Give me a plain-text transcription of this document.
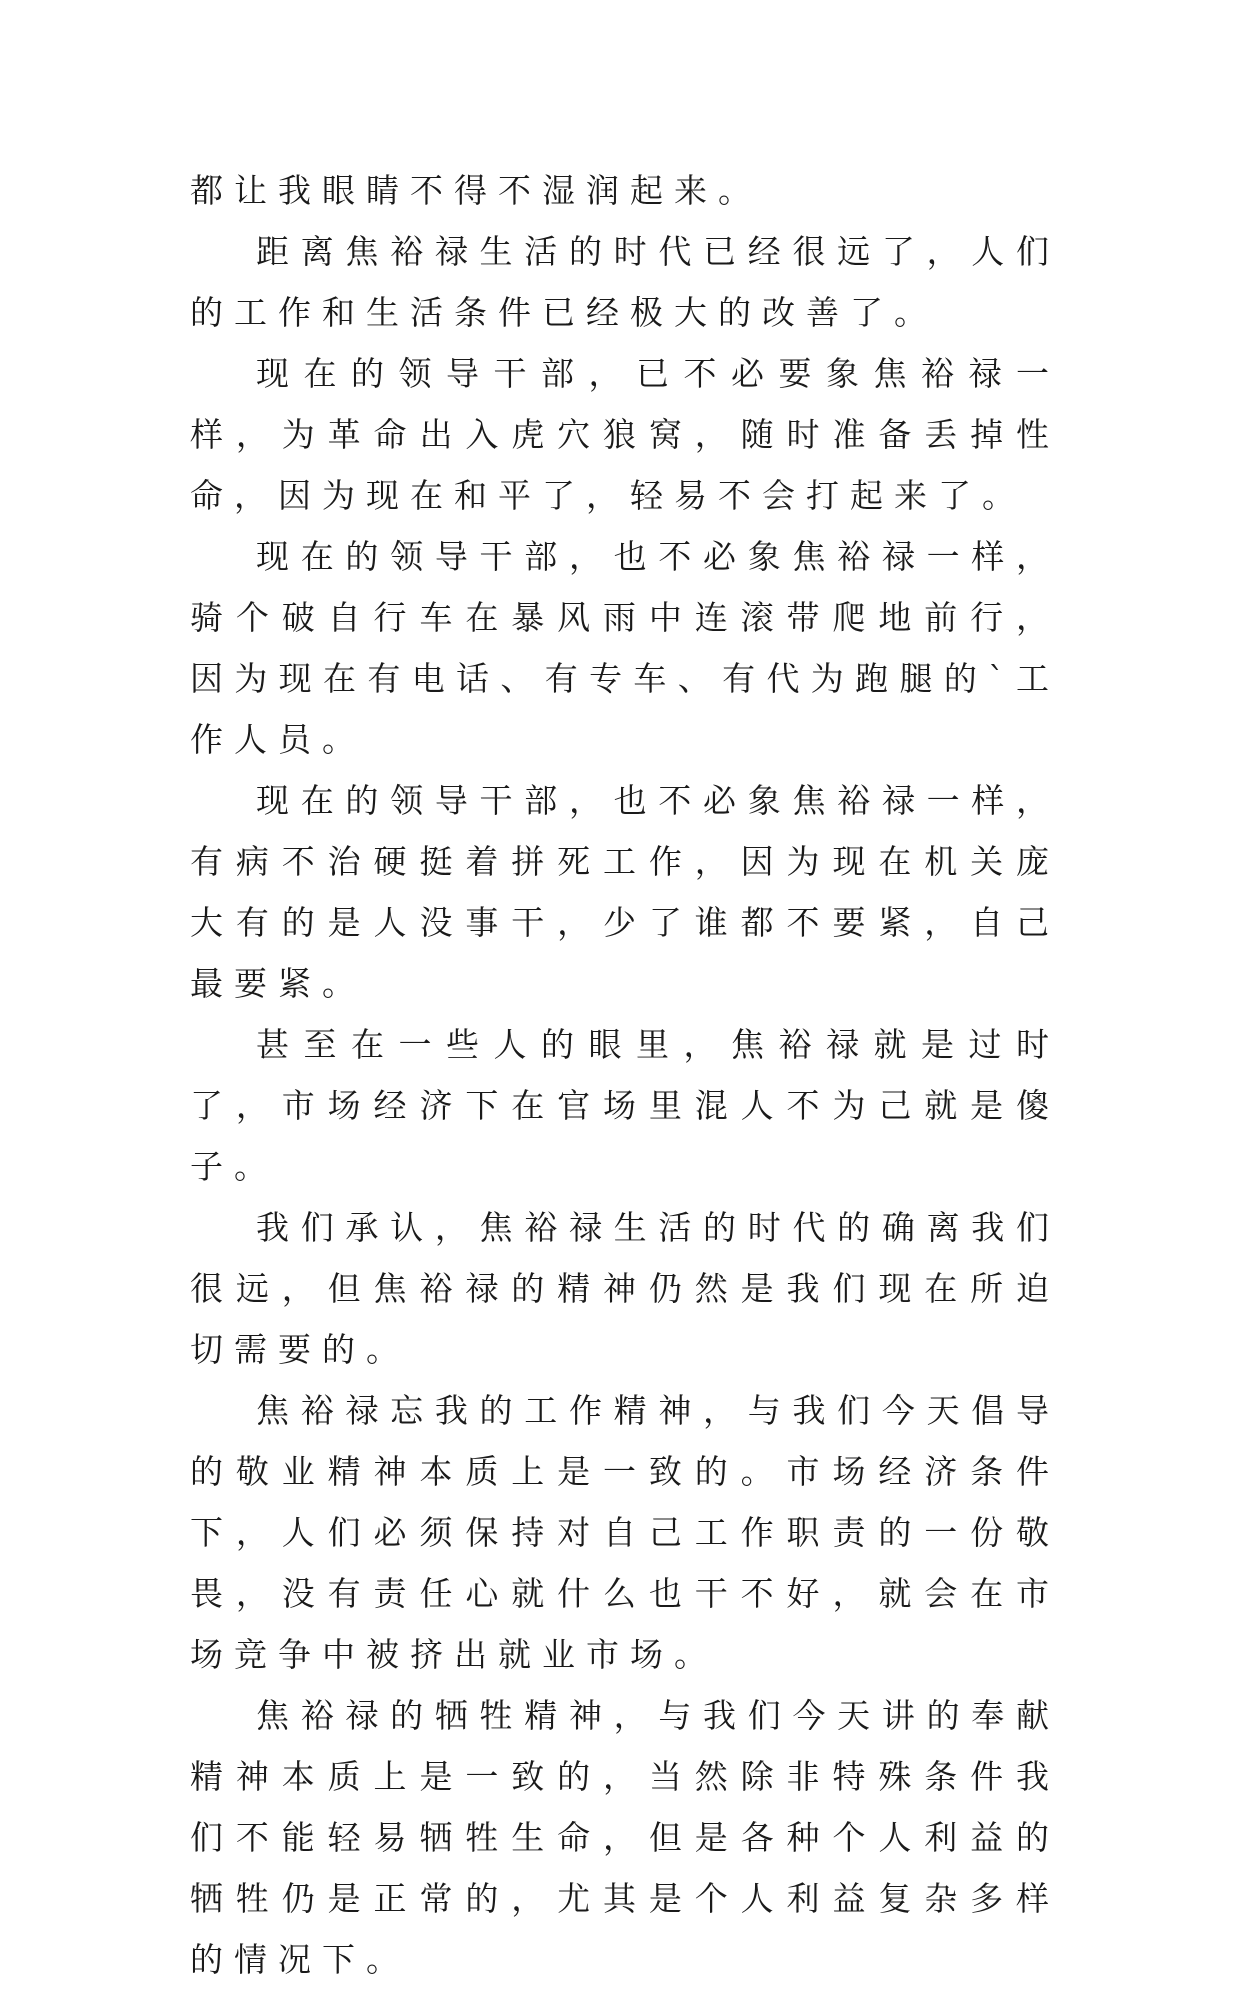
都让我眼睛不得不湿润起来。

距离焦裕禄生活的时代已经很远了，人们的工作和生活条件已经极大的改善了。

现在的领导干部，已不必要象焦裕禄一样，为革命出入虎穴狼窝，随时准备丢掉性命，因为现在和平了，轻易不会打起来了。

现在的领导干部，也不必象焦裕禄一样，骑个破自行车在暴风雨中连滚带爬地前行，因为现在有电话、有专车、有代为跑腿的`工作人员。

现在的领导干部，也不必象焦裕禄一样，有病不治硬挺着拼死工作，因为现在机关庞大有的是人没事干，少了谁都不要紧，自己最要紧。

甚至在一些人的眼里，焦裕禄就是过时了，市场经济下在官场里混人不为己就是傻子。

我们承认，焦裕禄生活的时代的确离我们很远，但焦裕禄的精神仍然是我们现在所迫切需要的。

焦裕禄忘我的工作精神，与我们今天倡导的敬业精神本质上是一致的。市场经济条件下，人们必须保持对自己工作职责的一份敬畏，没有责任心就什么也干不好，就会在市场竞争中被挤出就业市场。

焦裕禄的牺牲精神，与我们今天讲的奉献精神本质上是一致的，当然除非特殊条件我们不能轻易牺牲生命，但是各种个人利益的牺牲仍是正常的，尤其是个人利益复杂多样的情况下。
